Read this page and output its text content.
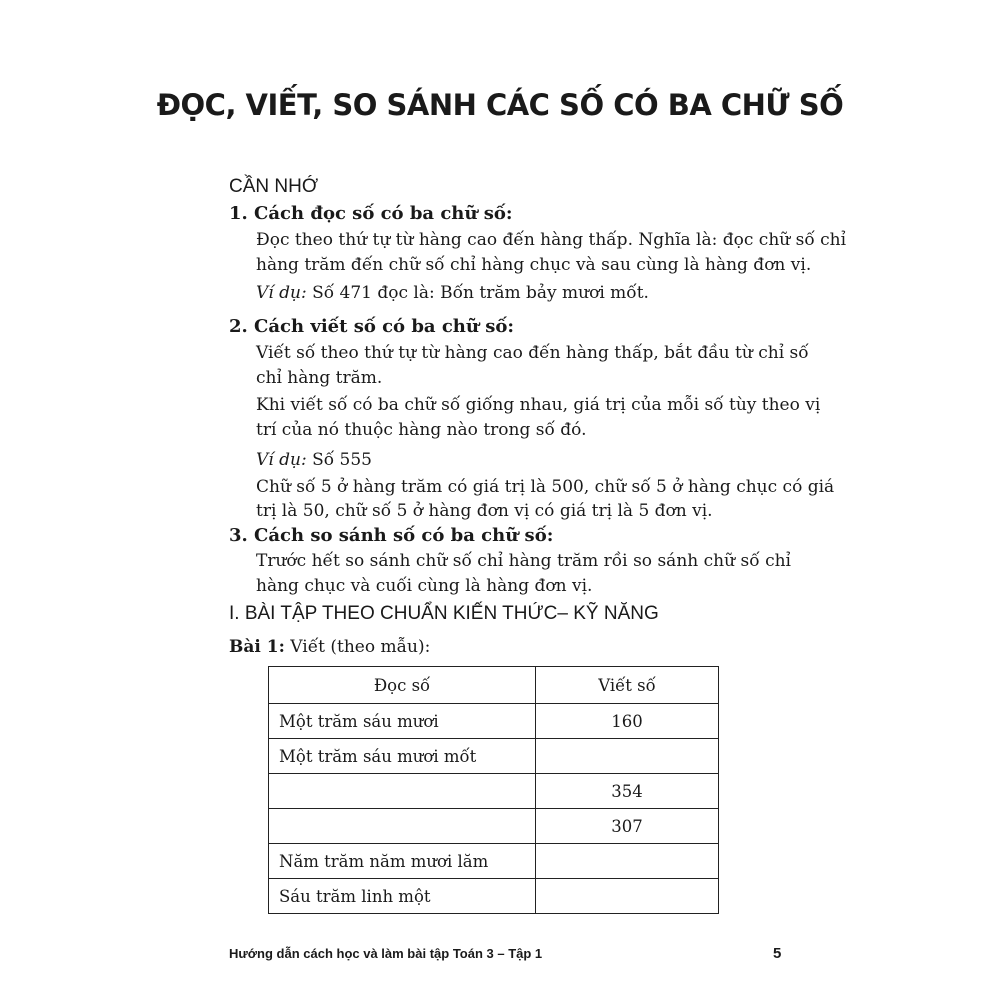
ĐỌC, VIẾT, SO SÁNH CÁC SỐ CÓ BA CHỮ SỐ
CẦN NHỚ
1. Cách đọc số có ba chữ số:
Đọc theo thứ tự từ hàng cao đến hàng thấp. Nghĩa là: đọc chữ số chỉ
hàng trăm đến chữ số chỉ hàng chục và sau cùng là hàng đơn vị.
Ví dụ: Số 471 đọc là: Bốn trăm bảy mươi mốt.
2. Cách viết số có ba chữ số:
Viết số theo thứ tự từ hàng cao đến hàng thấp, bắt đầu từ chỉ số
chỉ hàng trăm.
Khi viết số có ba chữ số giống nhau, giá trị của mỗi số tùy theo vị
trí của nó thuộc hàng nào trong số đó.
Ví dụ: Số 555
Chữ số 5 ở hàng trăm có giá trị là 500, chữ số 5 ở hàng chục có giá
trị là 50, chữ số 5 ở hàng đơn vị có giá trị là 5 đơn vị.
3. Cách so sánh số có ba chữ số:
Trước hết so sánh chữ số chỉ hàng trăm rồi so sánh chữ số chỉ
hàng chục và cuối cùng là hàng đơn vị.
I. BÀI TẬP THEO CHUẨN KIẾN THỨC– KỸ NĂNG
Bài 1: Viết (theo mẫu):
Đọc số	Viết số
Một trăm sáu mươi	160
Một trăm sáu mươi mốt	
	354
	307
Năm trăm năm mươi lăm	
Sáu trăm linh một	
Hướng dẫn cách học và làm bài tập Toán 3 – Tập 1	5
